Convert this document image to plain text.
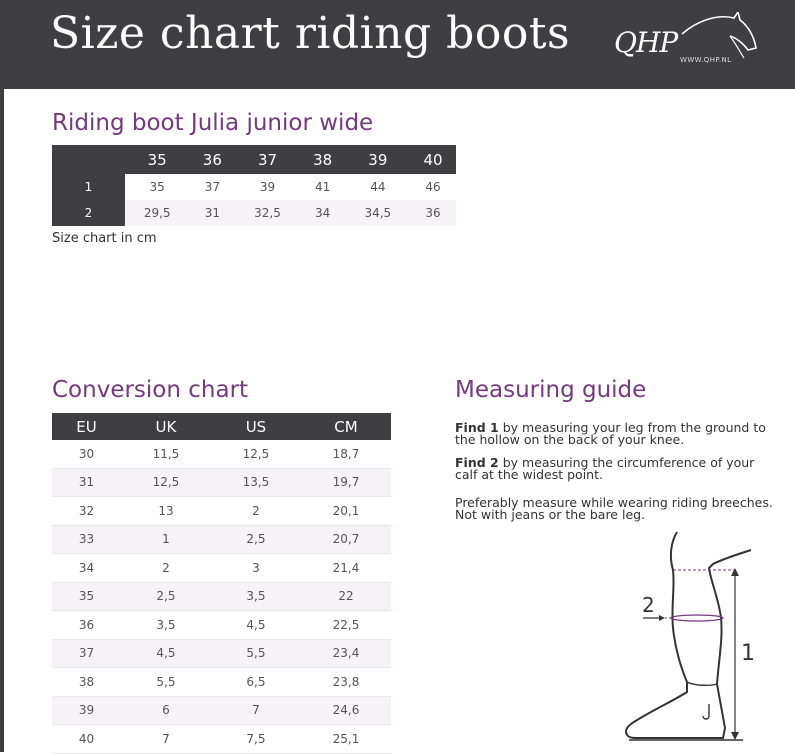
Size chart riding boots QHP
WWW.QHP.NL
Riding boot Julia junior wide
	35	36	37	38	39	40
1	35	37	39	41	44	46
2	29,5	31	32,5	34	34,5	36
Size chart in cm
Conversion chart
EU	UK	US	CM
30	11,5	12,5	18,7
31	12,5	13,5	19,7
32	13	2	20,1
33	1	2,5	20,7
34	2	3	21,4
35	2,5	3,5	22
36	3,5	4,5	22,5
37	4,5	5,5	23,4
38	5,5	6,5	23,8
39	6	7	24,6
40	7	7,5	25,1
Measuring guide
Find 1 by measuring your leg from the ground to the hollow on the back of your knee.
Find 2 by measuring the circumference of your calf at the widest point.
Preferably measure while wearing riding breeches. Not with jeans or the bare leg.
1
2
